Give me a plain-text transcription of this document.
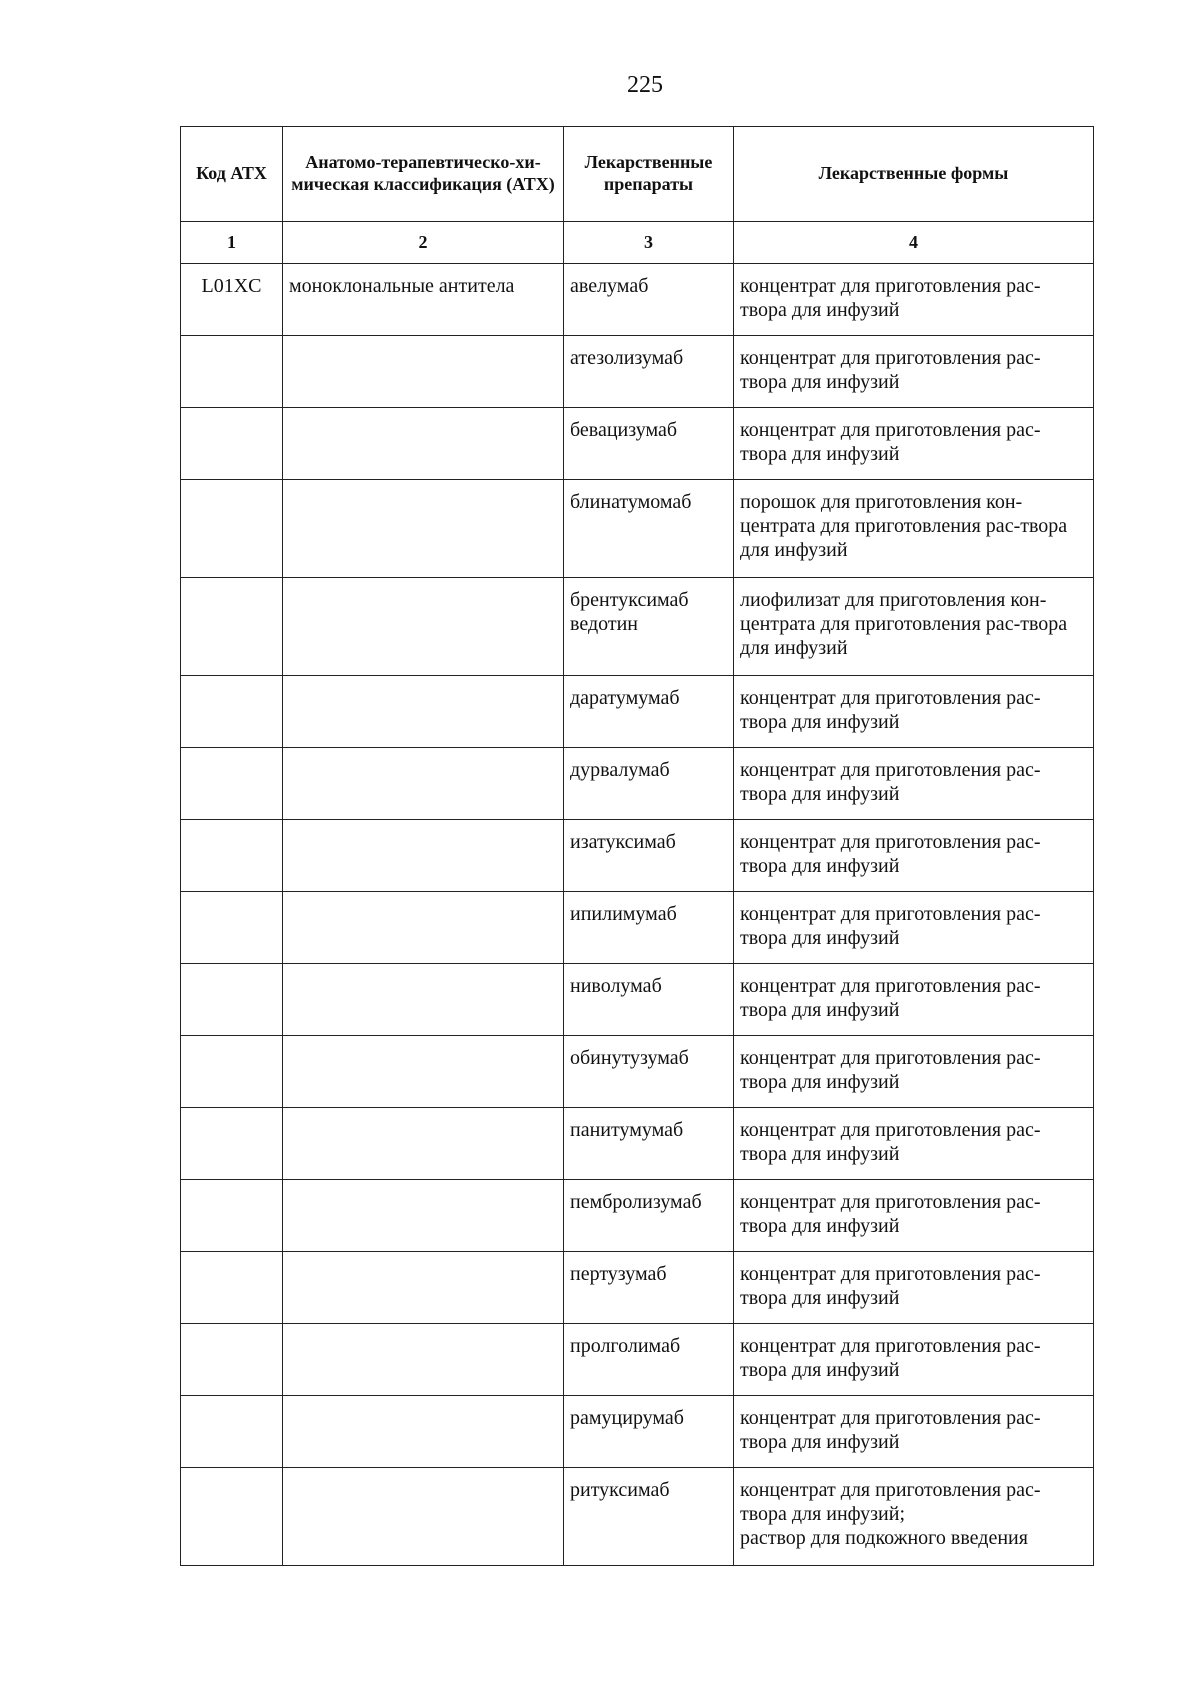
225
Код АТХ	Анатомо-терапевтическо-хи-мическая классификация (АТХ)	Лекарственные препараты	Лекарственные формы
1	2	3	4
L01XC	моноклональные антитела	авелумаб	концентрат для приготовления рас-твора для инфузий
		атезолизумаб	концентрат для приготовления рас-твора для инфузий
		бевацизумаб	концентрат для приготовления рас-твора для инфузий
		блинатумомаб	порошок для приготовления кон-центрата для приготовления рас-твора для инфузий
		брентуксимаб ведотин	лиофилизат для приготовления кон-центрата для приготовления рас-твора для инфузий
		даратумумаб	концентрат для приготовления рас-твора для инфузий
		дурвалумаб	концентрат для приготовления рас-твора для инфузий
		изатуксимаб	концентрат для приготовления рас-твора для инфузий
		ипилимумаб	концентрат для приготовления рас-твора для инфузий
		ниволумаб	концентрат для приготовления рас-твора для инфузий
		обинутузумаб	концентрат для приготовления рас-твора для инфузий
		панитумумаб	концентрат для приготовления рас-твора для инфузий
		пембролизумаб	концентрат для приготовления рас-твора для инфузий
		пертузумаб	концентрат для приготовления рас-твора для инфузий
		пролголимаб	концентрат для приготовления рас-твора для инфузий
		рамуцирумаб	концентрат для приготовления рас-твора для инфузий
		ритуксимаб	концентрат для приготовления рас-твора для инфузий;
раствор для подкожного введения
